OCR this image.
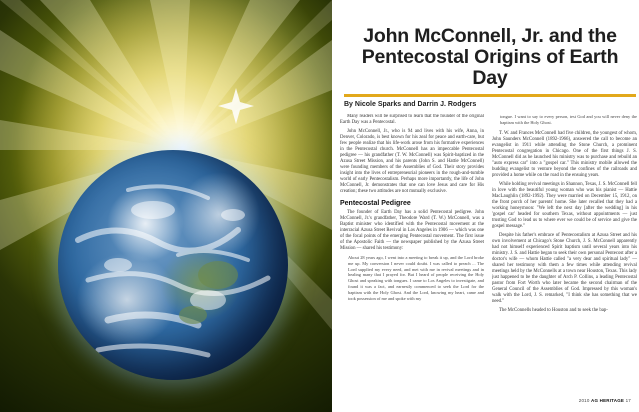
John McConnell, Jr. and the Pentecostal Origins of Earth Day
By Nicole Sparks and Darrin J. Rodgers

Many readers will be surprised to learn that the founder of the original Earth Day was a Pentecostal.

John McConnell, Jr., who is 94 and lives with his wife, Anna, in Denver, Colorado, is best known for his zeal for peace and earth-care, but few people realize that his life-work arose from his formative experiences in the Pentecostal church. McConnell has an impeccable Pentecostal pedigree — his grandfather (T. W. McConnell) was Spirit-baptized in the Azusa Street Mission, and his parents (John S. and Hattie McConnell) were founding members of the Assemblies of God. Their story provides insight into the lives of entrepreneurial pioneers in the rough-and-tumble world of early Pentecostalism. Perhaps more importantly, the life of John McConnell, Jr. demonstrates that one can love Jesus and care for His creation; these two attitudes are not mutually exclusive.

Pentecostal Pedigree

The founder of Earth Day has a solid Pentecostal pedigree. John McConnell, Jr.'s grandfather, Theodore Ward (T. W.) McConnell, was a Baptist minister who identified with the Pentecostal movement at the interracial Azusa Street Revival in Los Angeles in 1906 — which was one of the focal points of the emerging Pentecostal movement. The first issue of the Apostolic Faith — the newspaper published by the Azusa Street Mission — shared his testimony:

About 28 years ago, I went into a meeting to break it up, and the Lord broke me up. My conversion I never could doubt. I was called to preach ... The Lord supplied my every need, and met with me in revival meetings and in healing many that I prayed for. But I heard of people receiving the Holy Ghost and speaking with tongues. I came to Los Angeles to investigate, and found it was a fact, and earnestly commenced to seek the Lord for the baptism with the Holy Ghost. And the Lord, knowing my heart, came and took possession of me and spoke with my
tongue. I want to say to every person, test God and you will never deny the baptism with the Holy Ghost.

T. W. and Frances McConnell had five children, the youngest of whom, John Saunders McConnell (1892-1966), answered the call to become an evangelist in 1911 while attending the Stone Church, a prominent Pentecostal congregation in Chicago. One of the first things J. S. McConnell did as he launched his ministry was to purchase and rebuild an "auto express car" into a "gospel car." This ministry mobile allowed the budding evangelist to venture beyond the confines of the railroads and provided a home while on the road in the ensuing years.

While holding revival meetings in Shannon, Texas, J. S. McConnell fell in love with the beautiful young woman who was his pianist — Hattie MacLaughlin (1892-1992). They were married on December 15, 1912, on the front porch of her parents' home. She later recalled that they had a working honeymoon: "We left the next day [after the wedding] in his 'gospel car' headed for southern Texas, without appointments — just trusting God to lead us to where ever we could be of service and give the gospel message."

Despite his father's embrace of Pentecostalism at Azusa Street and his own involvement at Chicago's Stone Church, J. S. McConnell apparently had not himself experienced Spirit baptism until several years into his ministry. J. S. and Hattie began to seek their own personal Pentecost after a doctor's wife — whom Hattie called "a very dear and spiritual lady" — shared her testimony with them a few times while attending revival meetings held by the McConnells at a town near Houston, Texas. This lady just happened to be the daughter of Arch P. Collins, a leading Pentecostal pastor from Fort Worth who later became the second chairman of the General Council of the Assemblies of God. Impressed by this woman's walk with the Lord, J. S. remarked, "I think she has something that we need."

The McConnells headed to Houston and to seek the bap-

2010 AG HERITAGE 17
